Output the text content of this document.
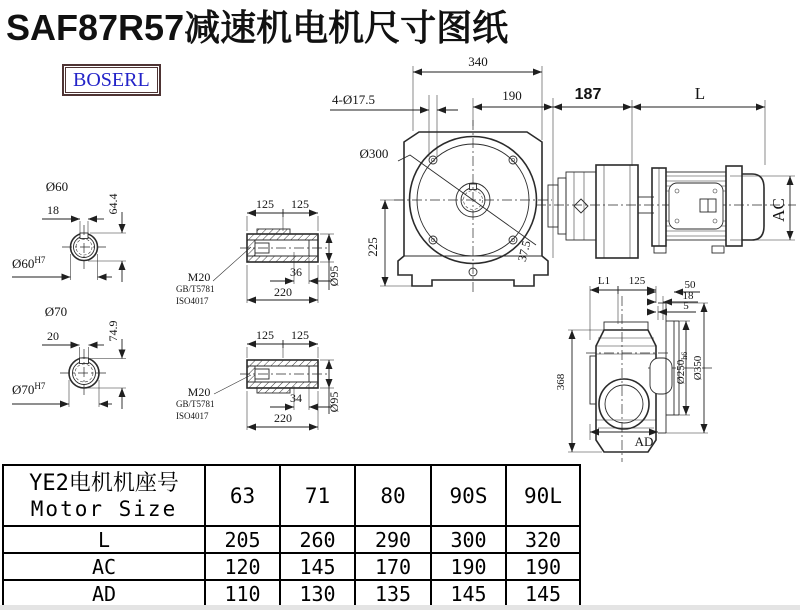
SAF87R57减速机电机尺寸图纸
BOSERL
Ø60
18	64.4
$Ø60^{H7}$
Ø70
20	74.9
$Ø70^{H7}$
125 125
M20
GB/T5781
ISO4017
36
220
Ø95
125 125
M20
GB/T5781
ISO4017
34
220
Ø95
Ø300
37.5
340
190
4-Ø17.5	187	L
225
AC
L1 125	50
18
5
368	$Ø250_{h6}$ Ø350
AD
YE2电机机座号
Motor Size	63	71	80	90S	90L
L	205	260	290	300	320
AC	120	145	170	190	190
AD	110	130	135	145	145
